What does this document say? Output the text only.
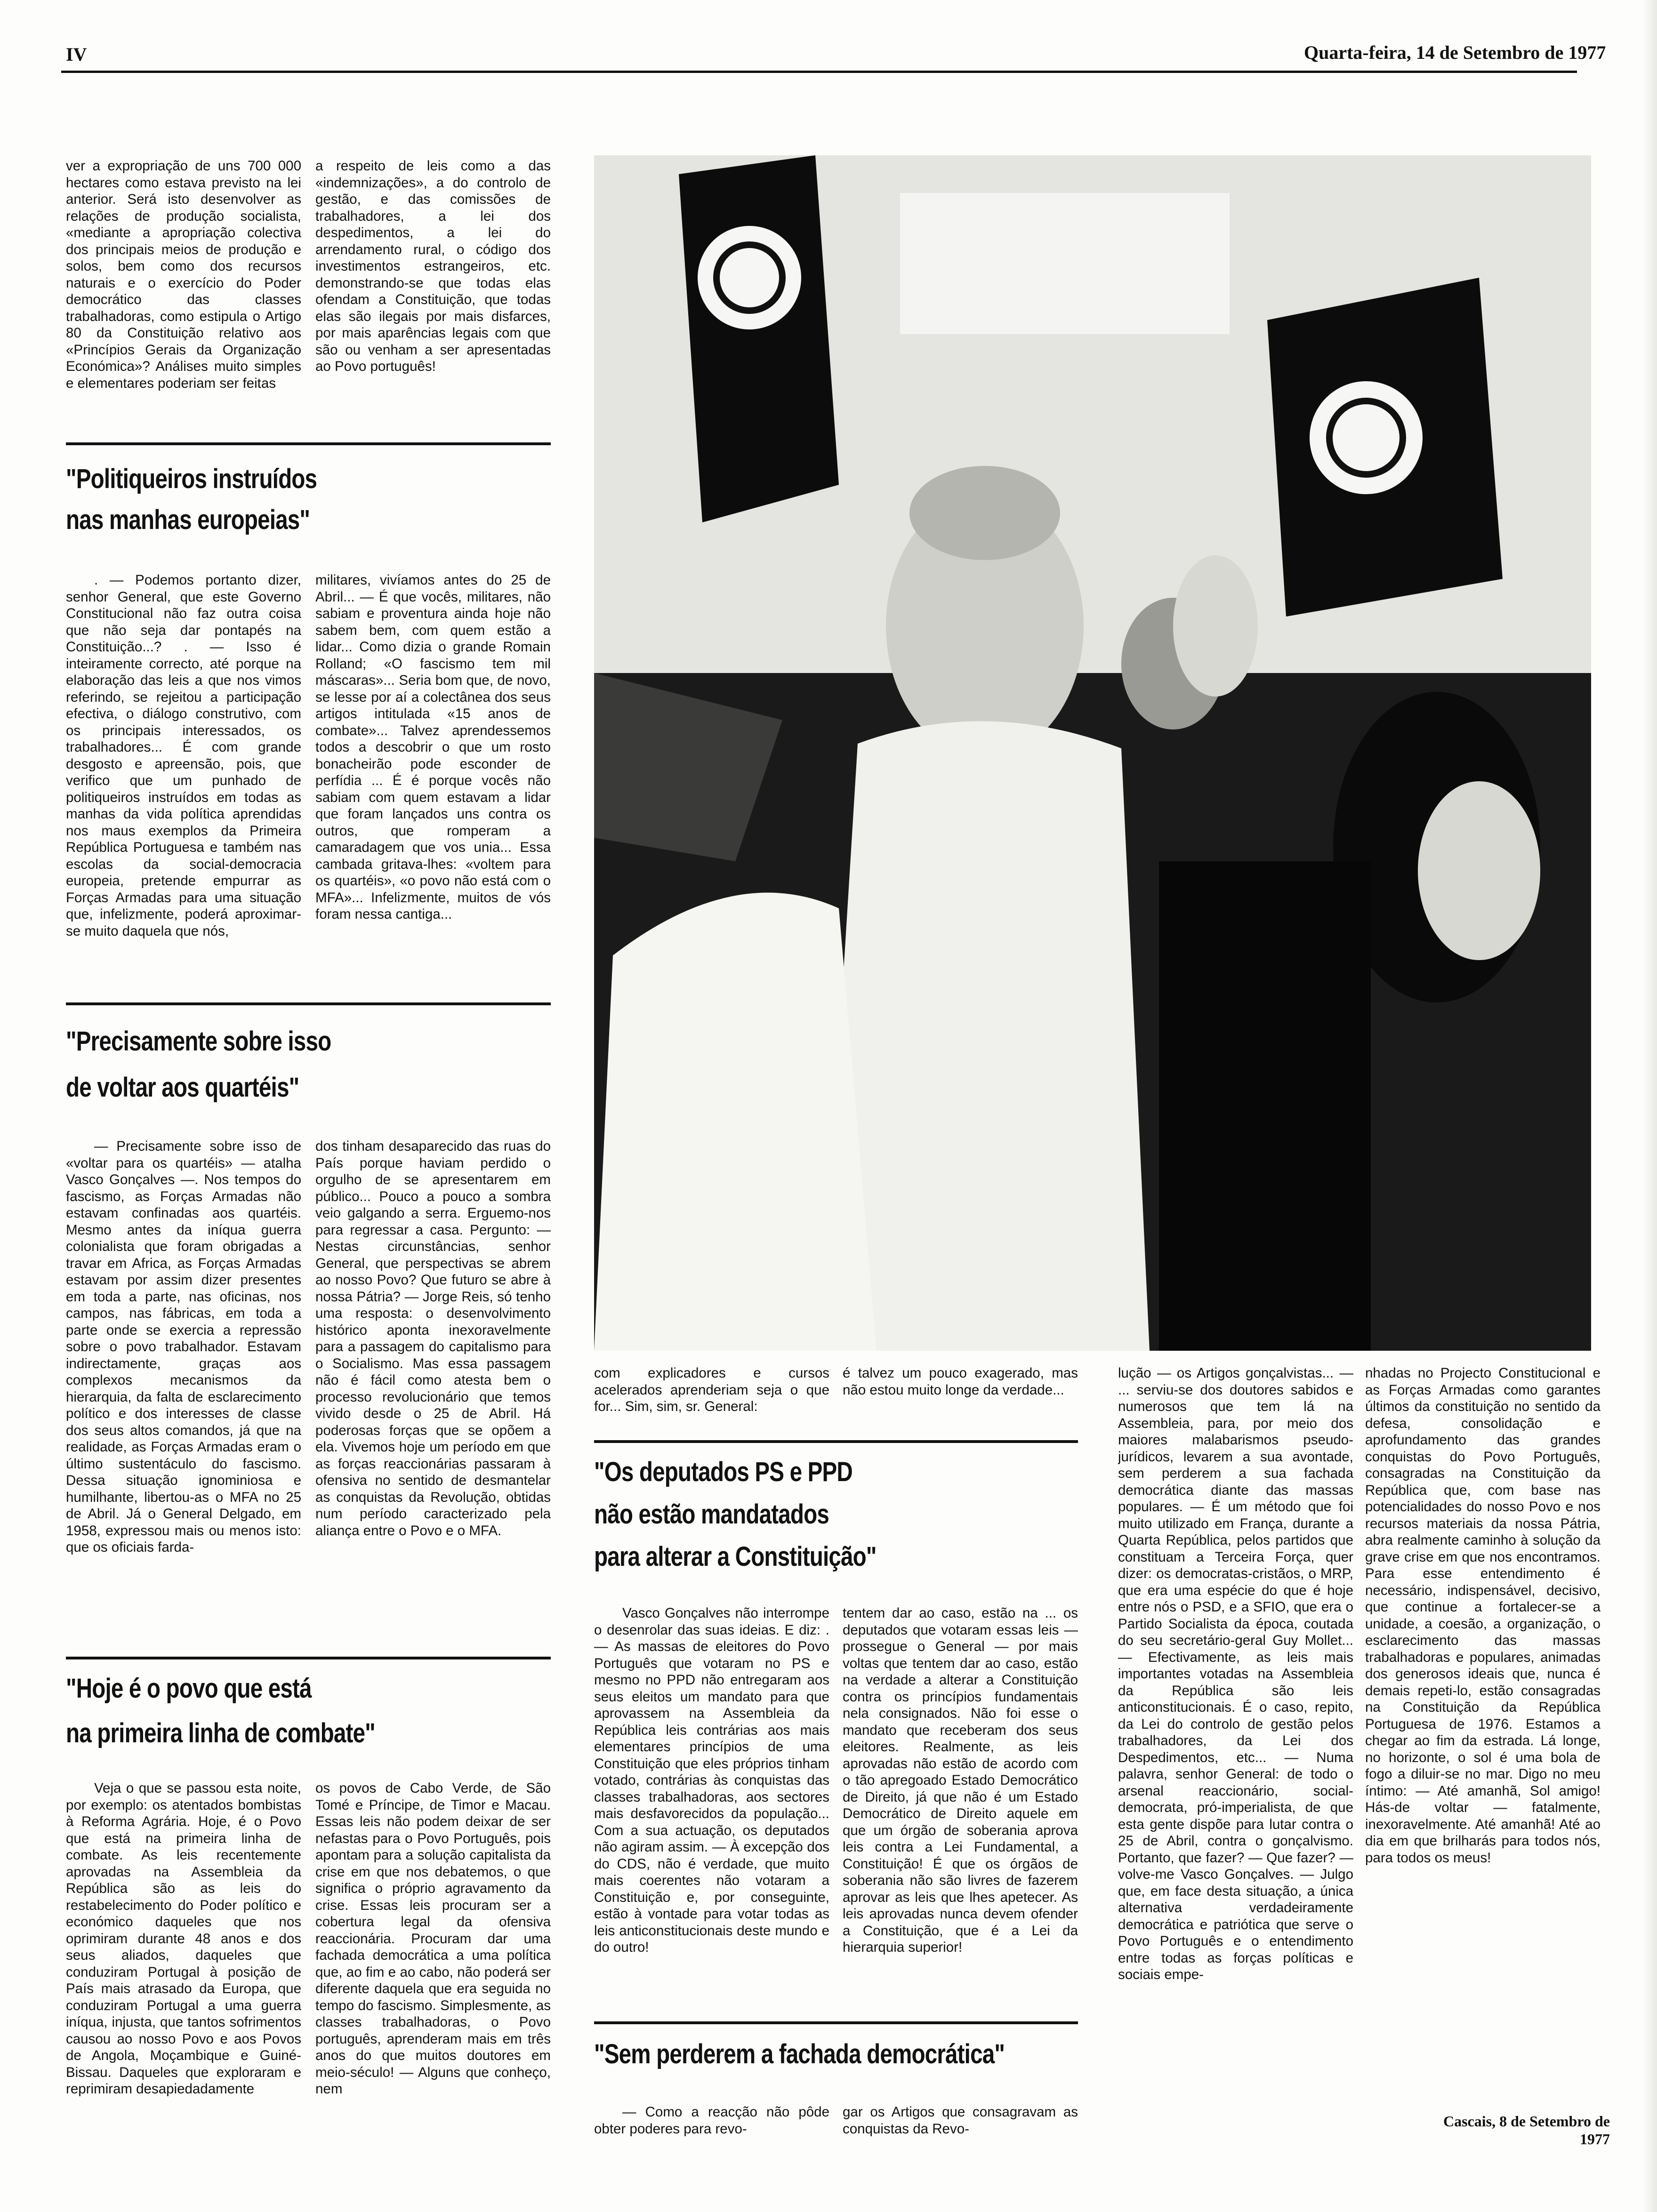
IV	Quarta-feira, 14 de Setembro de 1977

ver a expropriação de uns 700 000 hectares como estava previsto na lei anterior. Será isto desenvolver as relações de produção socialista, «mediante a apropriação colectiva dos principais meios de produção e solos, bem como dos recursos naturais e o exercício do Poder democrático das classes trabalhadoras, como estipula o Artigo 80 da Constituição relativo aos «Princípios Gerais da Organização Económica»? Análises muito simples e elementares poderiam ser feitas

a respeito de leis como a das «indemnizações», a do controlo de gestão, e das comissões de trabalhadores, a lei dos despedimentos, a lei do arrendamento rural, o código dos investimentos estrangeiros, etc. demonstrando-se que todas elas ofendam a Constituição, que todas elas são ilegais por mais disfarces, por mais aparências legais com que são ou venham a ser apresentadas ao Povo português!

"Politiqueiros instruídos
nas manhas europeias"

. — Podemos portanto dizer, senhor General, que este Governo Constitucional não faz outra coisa que não seja dar pontapés na Constituição...? . — Isso é inteiramente correcto, até porque na elaboração das leis a que nos vimos referindo, se rejeitou a participação efectiva, o diálogo construtivo, com os principais interessados, os trabalhadores... É com grande desgosto e apreensão, pois, que verifico que um punhado de politiqueiros instruídos em todas as manhas da vida política aprendidas nos maus exemplos da Primeira República Portuguesa e também nas escolas da social-democracia europeia, pretende empurrar as Forças Armadas para uma situação que, infelizmente, poderá aproximar-se muito daquela que nós,

militares, vivíamos antes do 25 de Abril... — É que vocês, militares, não sabiam e proventura ainda hoje não sabem bem, com quem estão a lidar... Como dizia o grande Romain Rolland; «O fascismo tem mil máscaras»... Seria bom que, de novo, se lesse por aí a colectânea dos seus artigos intitulada «15 anos de combate»... Talvez aprendessemos todos a descobrir o que um rosto bonacheirão pode esconder de perfídia ... É é porque vocês não sabiam com quem estavam a lidar que foram lançados uns contra os outros, que romperam a camaradagem que vos unia... Essa cambada gritava-lhes: «voltem para os quartéis», «o povo não está com o MFA»... Infelizmente, muitos de vós foram nessa cantiga...

"Precisamente sobre isso
de voltar aos quartéis"

— Precisamente sobre isso de «voltar para os quartéis» — atalha Vasco Gonçalves —. Nos tempos do fascismo, as Forças Armadas não estavam confinadas aos quartéis. Mesmo antes da iníqua guerra colonialista que foram obrigadas a travar em Africa, as Forças Armadas estavam por assim dizer presentes em toda a parte, nas oficinas, nos campos, nas fábricas, em toda a parte onde se exercia a repressão sobre o povo trabalhador. Estavam indirectamente, graças aos complexos mecanismos da hierarquia, da falta de esclarecimento político e dos interesses de classe dos seus altos comandos, já que na realidade, as Forças Armadas eram o último sustentáculo do fascismo. Dessa situação ignominiosa e humilhante, libertou-as o MFA no 25 de Abril. Já o General Delgado, em 1958, expressou mais ou menos isto: que os oficiais farda-

dos tinham desaparecido das ruas do País porque haviam perdido o orgulho de se apresentarem em público... Pouco a pouco a sombra veio galgando a serra. Erguemo-nos para regressar a casa. Pergunto: — Nestas circunstâncias, senhor General, que perspectivas se abrem ao nosso Povo? Que futuro se abre à nossa Pátria? — Jorge Reis, só tenho uma resposta: o desenvolvimento histórico aponta inexoravelmente para a passagem do capitalismo para o Socialismo. Mas essa passagem não é fácil como atesta bem o processo revolucionário que temos vivido desde o 25 de Abril. Há poderosas forças que se opõem a ela. Vivemos hoje um período em que as forças reaccionárias passaram à ofensiva no sentido de desmantelar as conquistas da Revolução, obtidas num período caracterizado pela aliança entre o Povo e o MFA.

"Hoje é o povo que está
na primeira linha de combate"

Veja o que se passou esta noite, por exemplo: os atentados bombistas à Reforma Agrária. Hoje, é o Povo que está na primeira linha de combate. As leis recentemente aprovadas na Assembleia da República são as leis do restabelecimento do Poder político e económico daqueles que nos oprimiram durante 48 anos e dos seus aliados, daqueles que conduziram Portugal à posição de País mais atrasado da Europa, que conduziram Portugal a uma guerra iníqua, injusta, que tantos sofrimentos causou ao nosso Povo e aos Povos de Angola, Moçambique e Guiné-Bissau. Daqueles que exploraram e reprimiram desapiedadamente

os povos de Cabo Verde, de São Tomé e Príncipe, de Timor e Macau. Essas leis não podem deixar de ser nefastas para o Povo Português, pois apontam para a solução capitalista da crise em que nos debatemos, o que significa o próprio agravamento da crise. Essas leis procuram ser a cobertura legal da ofensiva reaccionária. Procuram dar uma fachada democrática a uma política que, ao fim e ao cabo, não poderá ser diferente daquela que era seguida no tempo do fascismo. Simplesmente, as classes trabalhadoras, o Povo português, aprenderam mais em três anos do que muitos doutores em meio-século! — Alguns que conheço, nem

com explicadores e cursos acelerados aprenderiam seja o que for... Sim, sim, sr. General:

é talvez um pouco exagerado, mas não estou muito longe da verdade...

"Os deputados PS e PPD
não estão mandatados
para alterar a Constituição"

Vasco Gonçalves não interrompe o desenrolar das suas ideias. E diz: . — As massas de eleitores do Povo Português que votaram no PS e mesmo no PPD não entregaram aos seus eleitos um mandato para que aprovassem na Assembleia da República leis contrárias aos mais elementares princípios de uma Constituição que eles próprios tinham votado, contrárias às conquistas das classes trabalhadoras, aos sectores mais desfavorecidos da população... Com a sua actuação, os deputados não agiram assim. — À excepção dos do CDS, não é verdade, que muito mais coerentes não votaram a Constituição e, por conseguinte, estão à vontade para votar todas as leis anticonstitucionais deste mundo e do outro!

tentem dar ao caso, estão na ... os deputados que votaram essas leis — prossegue o General — por mais voltas que tentem dar ao caso, estão na verdade a alterar a Constituição contra os princípios fundamentais nela consignados. Não foi esse o mandato que receberam dos seus eleitores. Realmente, as leis aprovadas não estão de acordo com o tão apregoado Estado Democrático de Direito, já que não é um Estado Democrático de Direito aquele em que um órgão de soberania aprova leis contra a Lei Fundamental, a Constituição! É que os órgãos de soberania não são livres de fazerem aprovar as leis que lhes apetecer. As leis aprovadas nunca devem ofender a Constituição, que é a Lei da hierarquia superior!

"Sem perderem a fachada democrática"

— Como a reacção não pôde obter poderes para revo-

gar os Artigos que consagravam as conquistas da Revo-

lução — os Artigos gonçalvistas... — ... serviu-se dos doutores sabidos e numerosos que tem lá na Assembleia, para, por meio dos maiores malabarismos pseudo-jurídicos, levarem a sua avontade, sem perderem a sua fachada democrática diante das massas populares. — É um método que foi muito utilizado em França, durante a Quarta República, pelos partidos que constituam a Terceira Força, quer dizer: os democratas-cristãos, o MRP, que era uma espécie do que é hoje entre nós o PSD, e a SFIO, que era o Partido Socialista da época, coutada do seu secretário-geral Guy Mollet... — Efectivamente, as leis mais importantes votadas na Assembleia da República são leis anticonstitucionais. É o caso, repito, da Lei do controlo de gestão pelos trabalhadores, da Lei dos Despedimentos, etc... — Numa palavra, senhor General: de todo o arsenal reaccionário, social-democrata, pró-imperialista, de que esta gente dispõe para lutar contra o 25 de Abril, contra o gonçalvismo. Portanto, que fazer? — Que fazer? — volve-me Vasco Gonçalves. — Julgo que, em face desta situação, a única alternativa verdadeiramente democrática e patriótica que serve o Povo Português e o entendimento entre todas as forças políticas e sociais empe-

nhadas no Projecto Constitucional e as Forças Armadas como garantes últimos da constituição no sentido da defesa, consolidação e aprofundamento das grandes conquistas do Povo Português, consagradas na Constituição da República que, com base nas potencialidades do nosso Povo e nos recursos materiais da nossa Pátria, abra realmente caminho à solução da grave crise em que nos encontramos. Para esse entendimento é necessário, indispensável, decisivo, que continue a fortalecer-se a unidade, a coesão, a organização, o esclarecimento das massas trabalhadoras e populares, animadas dos generosos ideais que, nunca é demais repeti-lo, estão consagradas na Constituição da República Portuguesa de 1976. Estamos a chegar ao fim da estrada. Lá longe, no horizonte, o sol é uma bola de fogo a diluir-se no mar. Digo no meu íntimo: — Até amanhã, Sol amigo! Hás-de voltar — fatalmente, inexoravelmente. Até amanhã! Até ao dia em que brilharás para todos nós, para todos os meus!

Cascais, 8 de Setembro de
1977
